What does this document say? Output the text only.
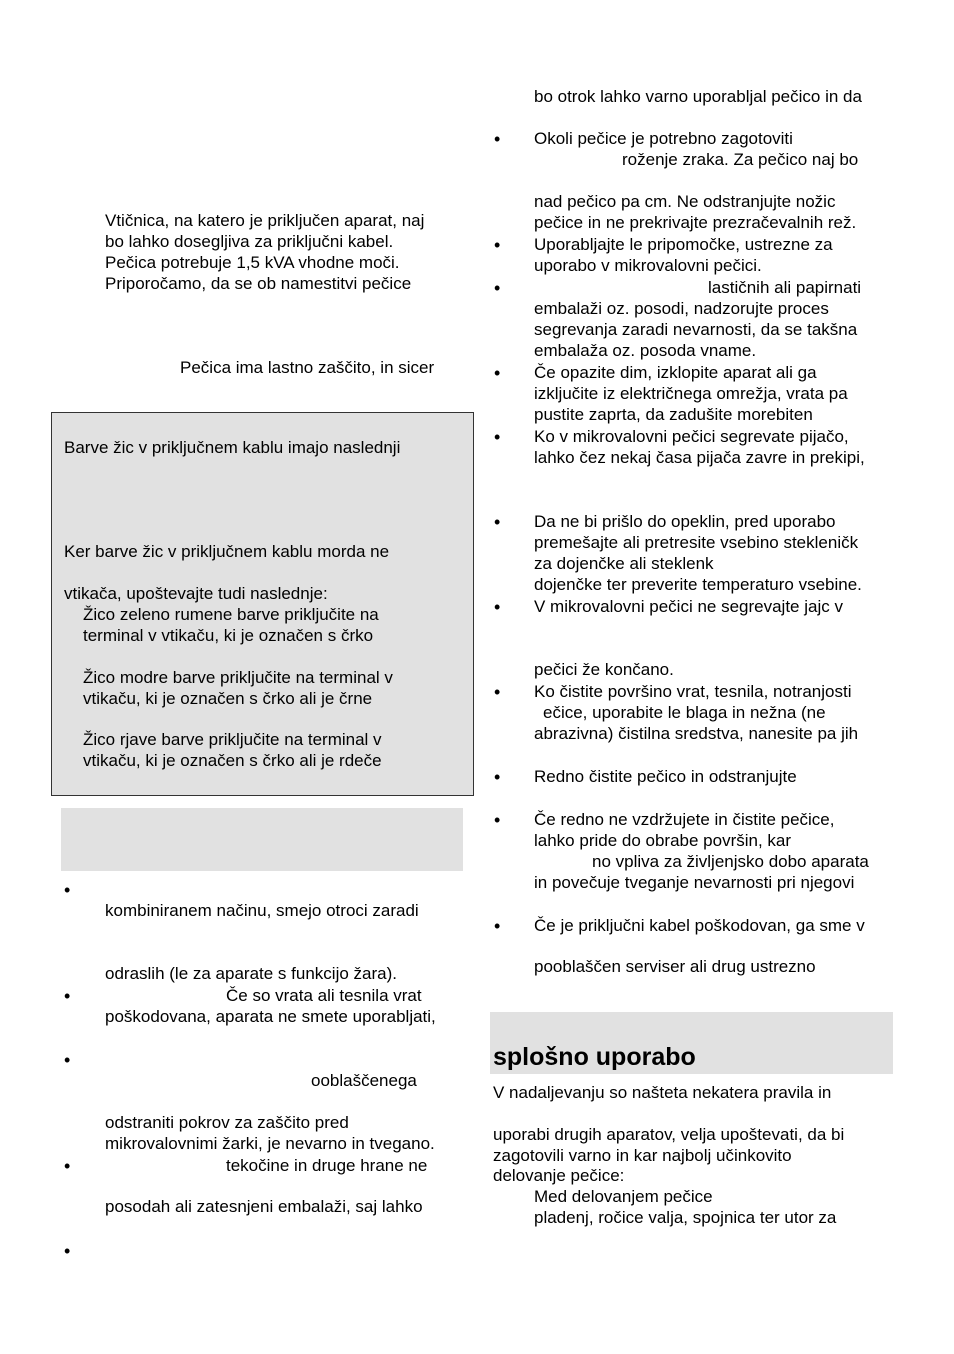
Vtičnica, na katero je priključen aparat, naj
bo lahko dosegljiva za priključni kabel.
Pečica potrebuje 1,5 kVA vhodne moči.
Priporočamo, da se ob namestitvi pečice
Pečica ima lastno zaščito, in sicer
Barve žic v priključnem kablu imajo naslednji
Ker barve žic v priključnem kablu morda ne
vtikača, upoštevajte tudi naslednje:
Žico zeleno rumene barve priključite na
terminal v vtikaču, ki je označen s črko
Žico modre barve priključite na terminal v
vtikaču, ki je označen s črko ali je črne
Žico rjave barve priključite na terminal v
vtikaču, ki je označen s črko ali je rdeče
•
kombiniranem načinu, smejo otroci zaradi
odraslih (le za aparate s funkcijo žara).
•	Če so vrata ali tesnila vrat
poškodovana, aparata ne smete uporabljati,
•
ooblaščenega
odstraniti pokrov za zaščito pred
mikrovalovnimi žarki, je nevarno in tvegano.
•	tekočine in druge hrane ne
posodah ali zatesnjeni embalaži, saj lahko
•
bo otrok lahko varno uporabljal pečico in da
• Okoli pečice je potrebno zagotoviti
roženje zraka. Za pečico naj bo
nad pečico pa cm. Ne odstranjujte nožic
pečice in ne prekrivajte prezračevalnih rež.
• Uporabljajte le pripomočke, ustrezne za
uporabo v mikrovalovni pečici.
•	lastičnih ali papirnati
embalaži oz. posodi, nadzorujte proces
segrevanja zaradi nevarnosti, da se takšna
embalaža oz. posoda vname.
• Če opazite dim, izklopite aparat ali ga
izključite iz električnega omrežja, vrata pa
pustite zaprta, da zadušite morebiten
• Ko v mikrovalovni pečici segrevate pijačo,
lahko čez nekaj časa pijača zavre in prekipi,
• Da ne bi prišlo do opeklin, pred uporabo
premešajte ali pretresite vsebino stekleničk
za dojenčke ali steklenk
dojenčke ter preverite temperaturo vsebine.
• V mikrovalovni pečici ne segrevajte jajc v
pečici že končano.
• Ko čistite površino vrat, tesnila, notranjosti
ečice, uporabite le blaga in nežna (ne
abrazivna) čistilna sredstva, nanesite pa jih
• Redno čistite pečico in odstranjujte
• Če redno ne vzdržujete in čistite pečice,
lahko pride do obrabe površin, kar
no vpliva za življenjsko dobo aparata
in povečuje tveganje nevarnosti pri njegovi
• Če je priključni kabel poškodovan, ga sme v
pooblaščen serviser ali drug ustrezno
splošno uporabo
V nadaljevanju so našteta nekatera pravila in
uporabi drugih aparatov, velja upoštevati, da bi
zagotovili varno in kar najbolj učinkovito
delovanje pečice:
Med delovanjem pečice
pladenj, ročice valja, spojnica ter utor za
